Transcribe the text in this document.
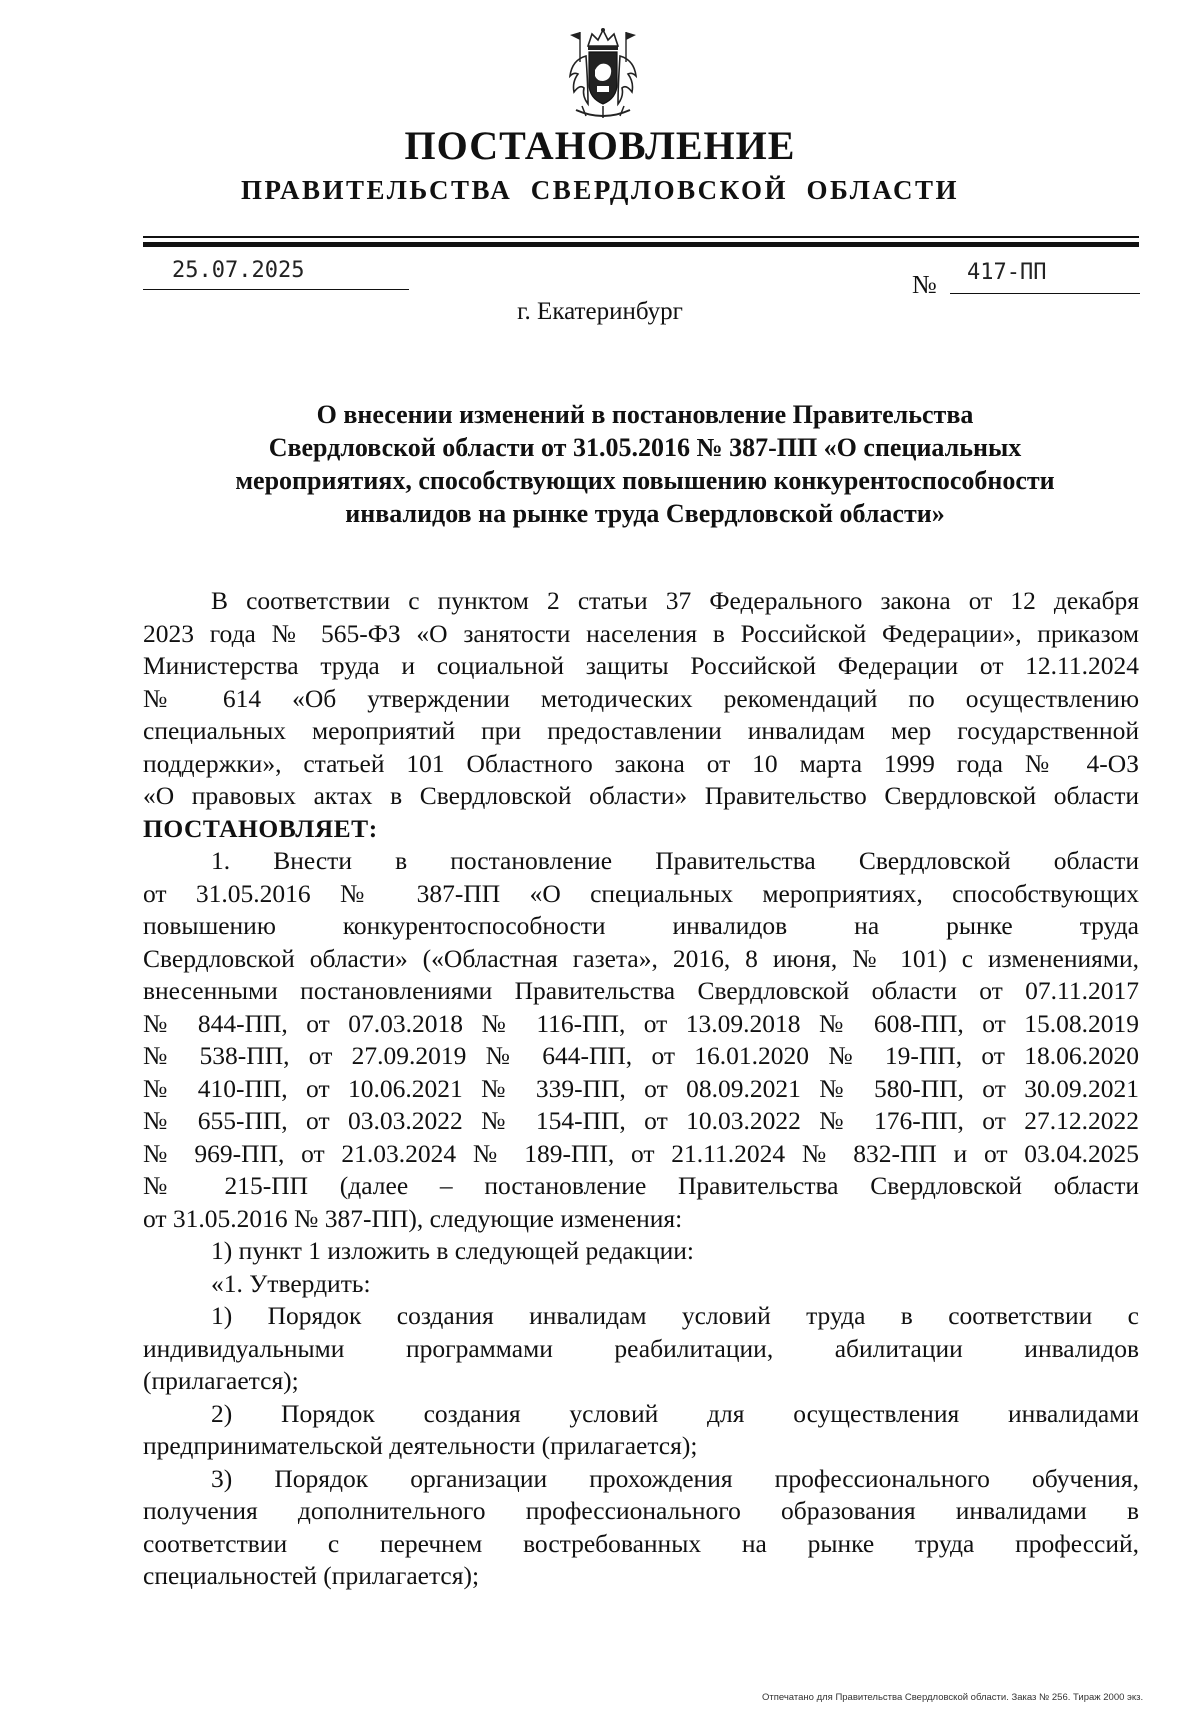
ПОСТАНОВЛЕНИЕ
ПРАВИТЕЛЬСТВА  СВЕРДЛОВСКОЙ  ОБЛАСТИ
25.07.2025	№ 417-ПП
г. Екатеринбург
О внесении изменений в постановление Правительства
Свердловской области от 31.05.2016 № 387-ПП «О специальных
мероприятиях, способствующих повышению конкурентоспособности
инвалидов на рынке труда Свердловской области»
В соответствии с пунктом 2 статьи 37 Федерального закона от 12 декабря
2023 года № 565-ФЗ «О занятости населения в Российской Федерации», приказом
Министерства труда и социальной защиты Российской Федерации от 12.11.2024
№ 614 «Об утверждении методических рекомендаций по осуществлению
специальных мероприятий при предоставлении инвалидам мер государственной
поддержки», статьей 101 Областного закона от 10 марта 1999 года № 4-ОЗ
«О правовых актах в Свердловской области» Правительство Свердловской области
ПОСТАНОВЛЯЕТ:
1. Внести в постановление Правительства Свердловской области
от 31.05.2016 № 387-ПП «О специальных мероприятиях, способствующих
повышению конкурентоспособности инвалидов на рынке труда
Свердловской области» («Областная газета», 2016, 8 июня, № 101) с изменениями,
внесенными постановлениями Правительства Свердловской области от 07.11.2017
№ 844-ПП, от 07.03.2018 № 116-ПП, от 13.09.2018 № 608-ПП, от 15.08.2019
№ 538-ПП, от 27.09.2019 № 644-ПП, от 16.01.2020 № 19-ПП, от 18.06.2020
№ 410-ПП, от 10.06.2021 № 339-ПП, от 08.09.2021 № 580-ПП, от 30.09.2021
№ 655-ПП, от 03.03.2022 № 154-ПП, от 10.03.2022 № 176-ПП, от 27.12.2022
№ 969-ПП, от 21.03.2024 № 189-ПП, от 21.11.2024 № 832-ПП и от 03.04.2025
№ 215-ПП (далее – постановление Правительства Свердловской области
от 31.05.2016 № 387-ПП), следующие изменения:
1) пункт 1 изложить в следующей редакции:
«1. Утвердить:
1) Порядок создания инвалидам условий труда в соответствии с
индивидуальными программами реабилитации, абилитации инвалидов
(прилагается);
2) Порядок создания условий для осуществления инвалидами
предпринимательской деятельности (прилагается);
3) Порядок организации прохождения профессионального обучения,
получения дополнительного профессионального образования инвалидами в
соответствии с перечнем востребованных на рынке труда профессий,
специальностей (прилагается);
Отпечатано для Правительства Свердловской области. Заказ № 256. Тираж 2000 экз.
